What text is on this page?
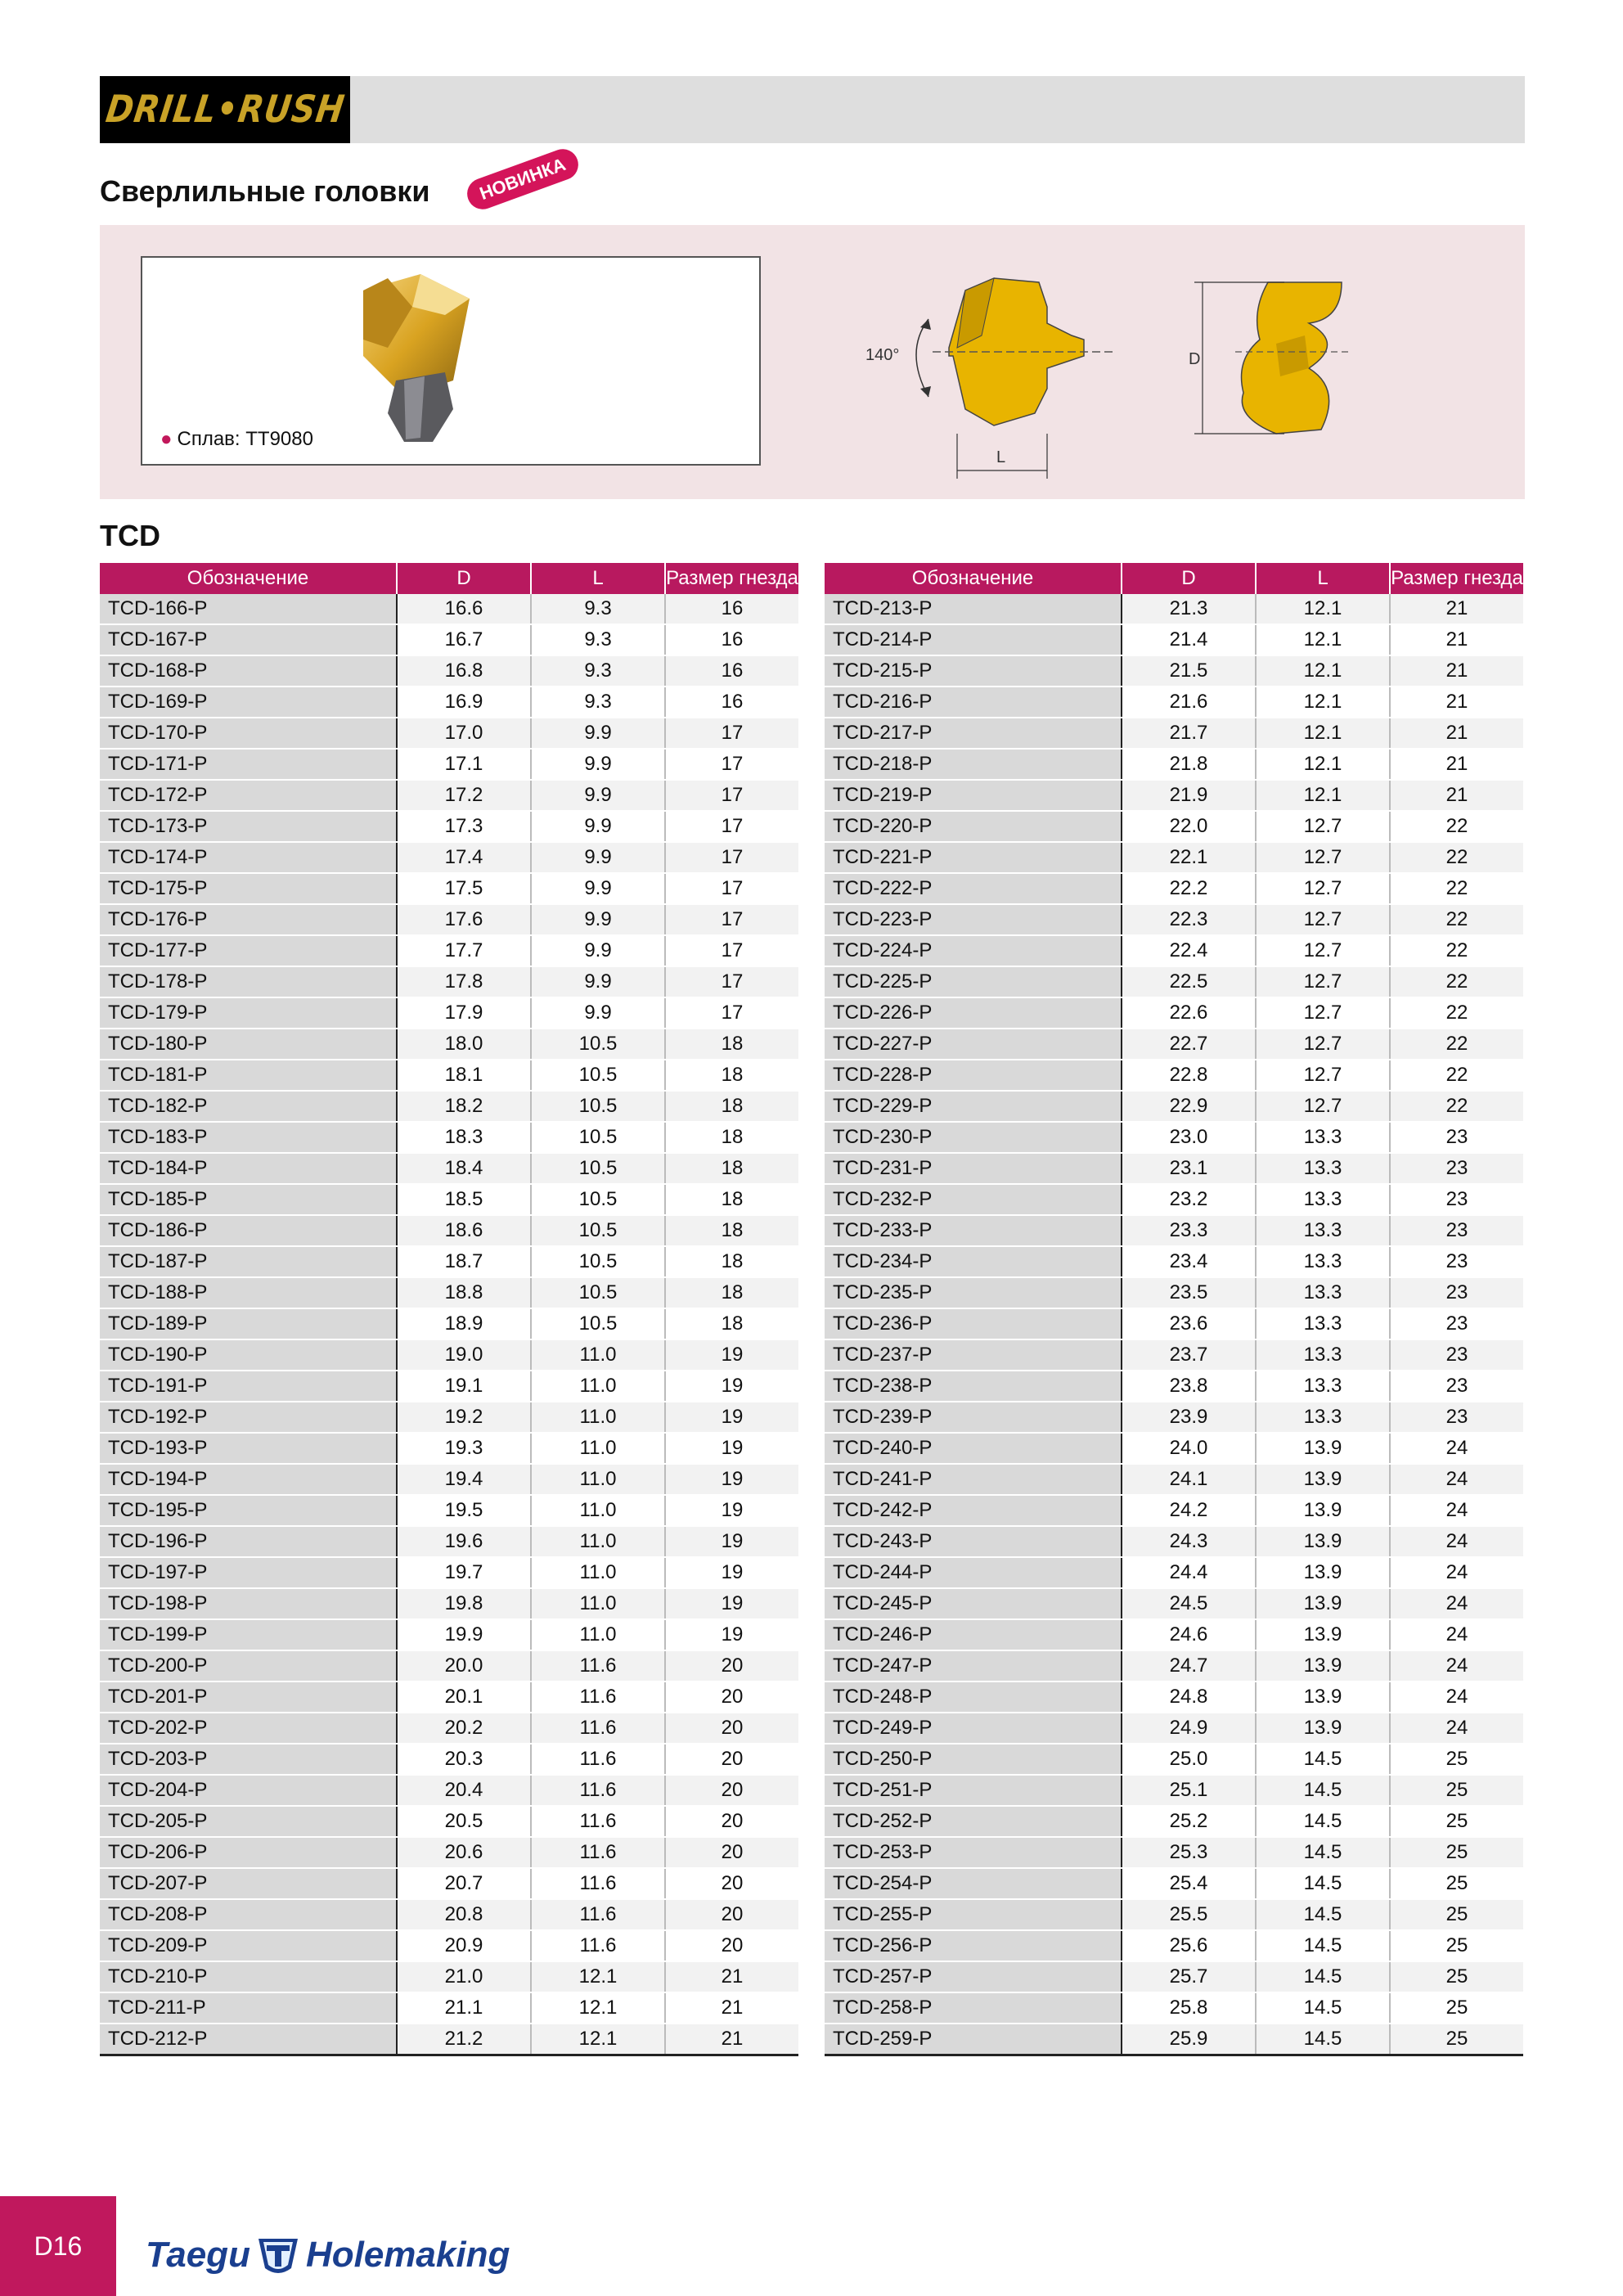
DRILL•RUSH
Сверлильные головки	НОВИНКА
● Сплав: TT9080
140°
L
D
TCD
Обозначение	D	L	Размер гнезда
TCD-166-P	16.6	9.3	16
TCD-167-P	16.7	9.3	16
TCD-168-P	16.8	9.3	16
TCD-169-P	16.9	9.3	16
TCD-170-P	17.0	9.9	17
TCD-171-P	17.1	9.9	17
TCD-172-P	17.2	9.9	17
TCD-173-P	17.3	9.9	17
TCD-174-P	17.4	9.9	17
TCD-175-P	17.5	9.9	17
TCD-176-P	17.6	9.9	17
TCD-177-P	17.7	9.9	17
TCD-178-P	17.8	9.9	17
TCD-179-P	17.9	9.9	17
TCD-180-P	18.0	10.5	18
TCD-181-P	18.1	10.5	18
TCD-182-P	18.2	10.5	18
TCD-183-P	18.3	10.5	18
TCD-184-P	18.4	10.5	18
TCD-185-P	18.5	10.5	18
TCD-186-P	18.6	10.5	18
TCD-187-P	18.7	10.5	18
TCD-188-P	18.8	10.5	18
TCD-189-P	18.9	10.5	18
TCD-190-P	19.0	11.0	19
TCD-191-P	19.1	11.0	19
TCD-192-P	19.2	11.0	19
TCD-193-P	19.3	11.0	19
TCD-194-P	19.4	11.0	19
TCD-195-P	19.5	11.0	19
TCD-196-P	19.6	11.0	19
TCD-197-P	19.7	11.0	19
TCD-198-P	19.8	11.0	19
TCD-199-P	19.9	11.0	19
TCD-200-P	20.0	11.6	20
TCD-201-P	20.1	11.6	20
TCD-202-P	20.2	11.6	20
TCD-203-P	20.3	11.6	20
TCD-204-P	20.4	11.6	20
TCD-205-P	20.5	11.6	20
TCD-206-P	20.6	11.6	20
TCD-207-P	20.7	11.6	20
TCD-208-P	20.8	11.6	20
TCD-209-P	20.9	11.6	20
TCD-210-P	21.0	12.1	21
TCD-211-P	21.1	12.1	21
TCD-212-P	21.2	12.1	21
Обозначение	D	L	Размер гнезда
TCD-213-P	21.3	12.1	21
TCD-214-P	21.4	12.1	21
TCD-215-P	21.5	12.1	21
TCD-216-P	21.6	12.1	21
TCD-217-P	21.7	12.1	21
TCD-218-P	21.8	12.1	21
TCD-219-P	21.9	12.1	21
TCD-220-P	22.0	12.7	22
TCD-221-P	22.1	12.7	22
TCD-222-P	22.2	12.7	22
TCD-223-P	22.3	12.7	22
TCD-224-P	22.4	12.7	22
TCD-225-P	22.5	12.7	22
TCD-226-P	22.6	12.7	22
TCD-227-P	22.7	12.7	22
TCD-228-P	22.8	12.7	22
TCD-229-P	22.9	12.7	22
TCD-230-P	23.0	13.3	23
TCD-231-P	23.1	13.3	23
TCD-232-P	23.2	13.3	23
TCD-233-P	23.3	13.3	23
TCD-234-P	23.4	13.3	23
TCD-235-P	23.5	13.3	23
TCD-236-P	23.6	13.3	23
TCD-237-P	23.7	13.3	23
TCD-238-P	23.8	13.3	23
TCD-239-P	23.9	13.3	23
TCD-240-P	24.0	13.9	24
TCD-241-P	24.1	13.9	24
TCD-242-P	24.2	13.9	24
TCD-243-P	24.3	13.9	24
TCD-244-P	24.4	13.9	24
TCD-245-P	24.5	13.9	24
TCD-246-P	24.6	13.9	24
TCD-247-P	24.7	13.9	24
TCD-248-P	24.8	13.9	24
TCD-249-P	24.9	13.9	24
TCD-250-P	25.0	14.5	25
TCD-251-P	25.1	14.5	25
TCD-252-P	25.2	14.5	25
TCD-253-P	25.3	14.5	25
TCD-254-P	25.4	14.5	25
TCD-255-P	25.5	14.5	25
TCD-256-P	25.6	14.5	25
TCD-257-P	25.7	14.5	25
TCD-258-P	25.8	14.5	25
TCD-259-P	25.9	14.5	25
D16	Taegu Holemaking
